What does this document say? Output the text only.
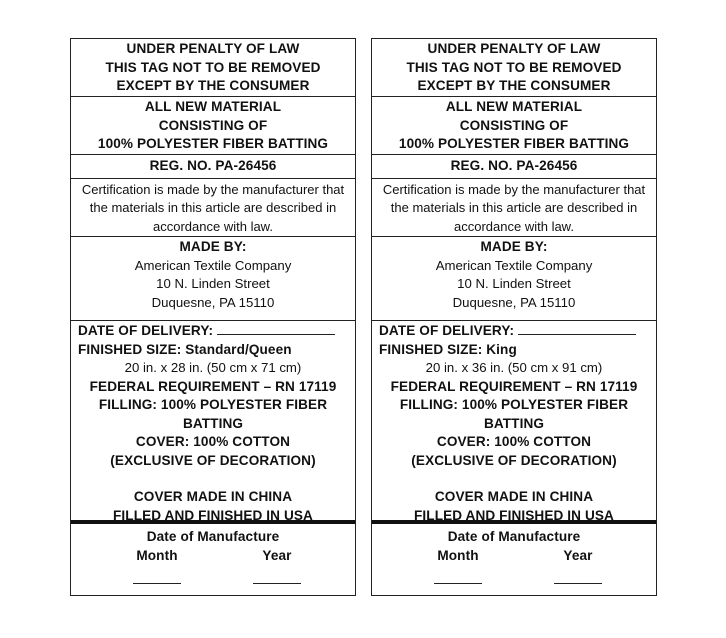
UNDER PENALTY OF LAW
THIS TAG NOT TO BE REMOVED
EXCEPT BY THE CONSUMER
ALL NEW MATERIAL
CONSISTING OF
100% POLYESTER FIBER BATTING
REG. NO. PA-26456
Certification is made by the manufacturer that the materials in this article are described in accordance with law.
MADE BY:
American Textile Company
10 N. Linden Street
Duquesne, PA 15110
DATE OF DELIVERY:
FINISHED SIZE: Standard/Queen
20 in. x 28 in. (50 cm x 71 cm)
FEDERAL REQUIREMENT – RN 17119
FILLING: 100% POLYESTER FIBER
BATTING
COVER: 100% COTTON
(EXCLUSIVE OF DECORATION)
COVER MADE IN CHINA
FILLED AND FINISHED IN USA
Date of Manufacture
Month	Year
UNDER PENALTY OF LAW
THIS TAG NOT TO BE REMOVED
EXCEPT BY THE CONSUMER
ALL NEW MATERIAL
CONSISTING OF
100% POLYESTER FIBER BATTING
REG. NO. PA-26456
Certification is made by the manufacturer that the materials in this article are described in accordance with law.
MADE BY:
American Textile Company
10 N. Linden Street
Duquesne, PA 15110
DATE OF DELIVERY:
FINISHED SIZE: King
20 in. x 36 in. (50 cm x 91 cm)
FEDERAL REQUIREMENT – RN 17119
FILLING: 100% POLYESTER FIBER
BATTING
COVER: 100% COTTON
(EXCLUSIVE OF DECORATION)
COVER MADE IN CHINA
FILLED AND FINISHED IN USA
Date of Manufacture
Month	Year
